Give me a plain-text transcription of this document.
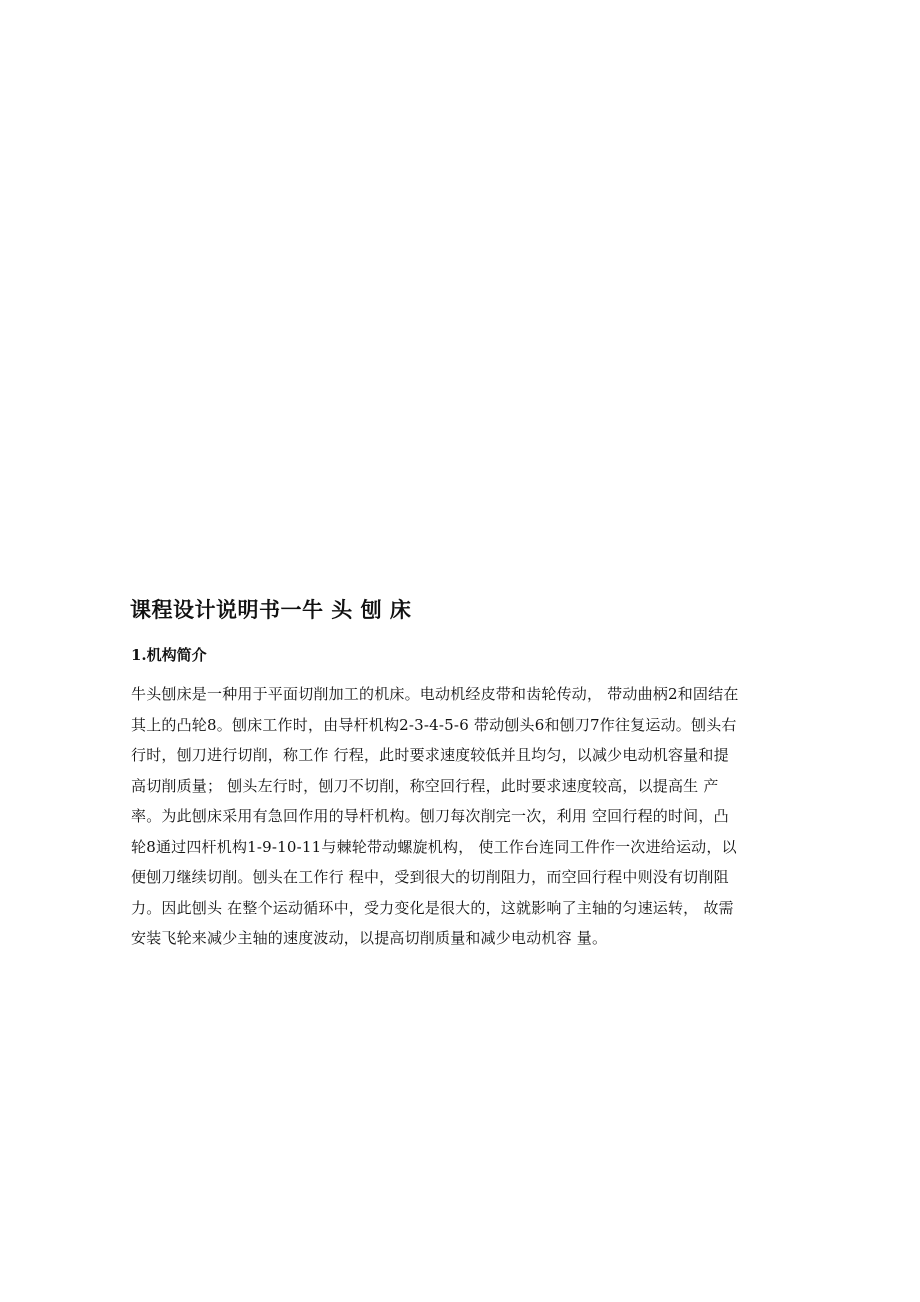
课程设计说明书一牛 头 刨 床
1.机构简介
牛头刨床是一种用于平面切削加工的机床。电动机经皮带和齿轮传动， 带动曲柄2和固结在
其上的凸轮8。刨床工作时，由导杆机构2-3-4-5-6 带动刨头6和刨刀7作往复运动。刨头右
行时，刨刀进行切削，称工作 行程，此时要求速度较低并且均匀，以减少电动机容量和提
高切削质量； 刨头左行时，刨刀不切削，称空回行程，此时要求速度较高，以提高生 产
率。为此刨床采用有急回作用的导杆机构。刨刀每次削完一次，利用 空回行程的时间，凸
轮8通过四杆机构1-9-10-11与棘轮带动螺旋机构， 使工作台连同工件作一次进给运动，以
便刨刀继续切削。刨头在工作行 程中，受到很大的切削阻力，而空回行程中则没有切削阻
力。因此刨头 在整个运动循环中，受力变化是很大的，这就影响了主轴的匀速运转， 故需
安装飞轮来减少主轴的速度波动，以提高切削质量和减少电动机容 量。
